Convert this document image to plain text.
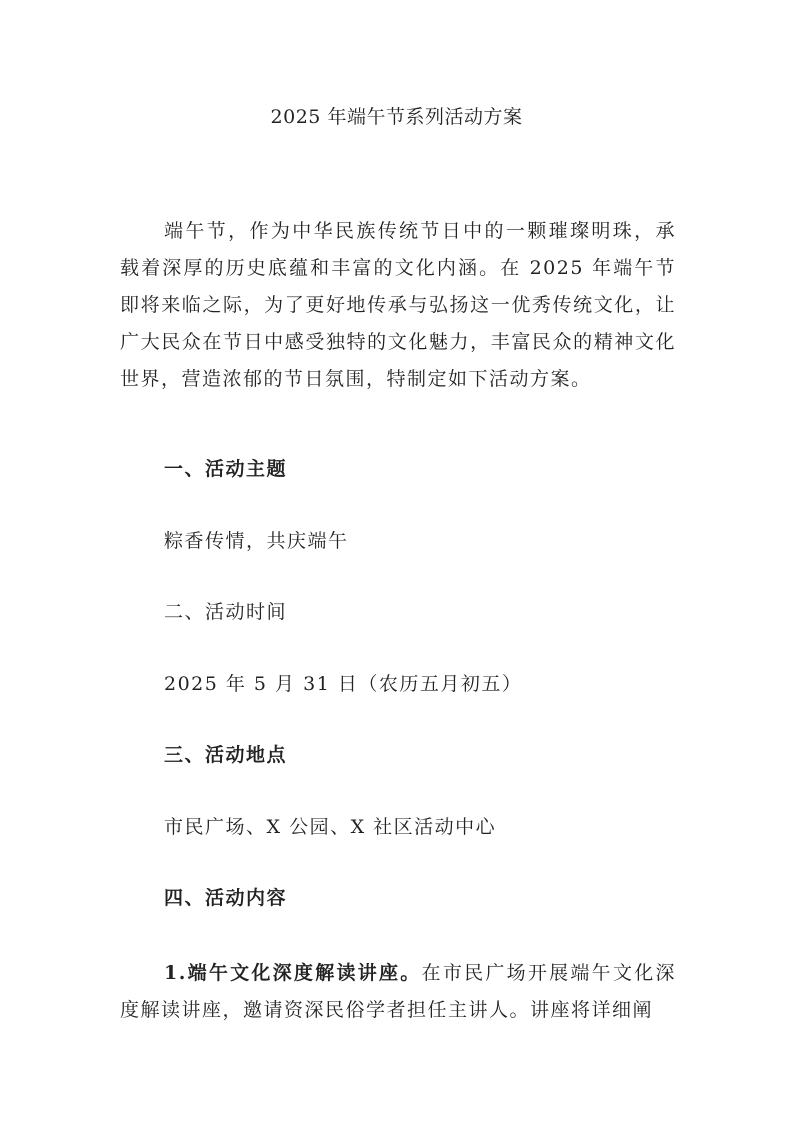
2025 年端午节系列活动方案

端午节，作为中华民族传统节日中的一颗璀璨明珠，承载着深厚的历史底蕴和丰富的文化内涵。在 2025 年端午节即将来临之际，为了更好地传承与弘扬这一优秀传统文化，让广大民众在节日中感受独特的文化魅力，丰富民众的精神文化世界，营造浓郁的节日氛围，特制定如下活动方案。

一、活动主题
粽香传情，共庆端午
二、活动时间
2025 年 5 月 31 日（农历五月初五）
三、活动地点
市民广场、X 公园、X 社区活动中心
四、活动内容

1.端午文化深度解读讲座。在市民广场开展端午文化深度解读讲座，邀请资深民俗学者担任主讲人。讲座将详细阐
